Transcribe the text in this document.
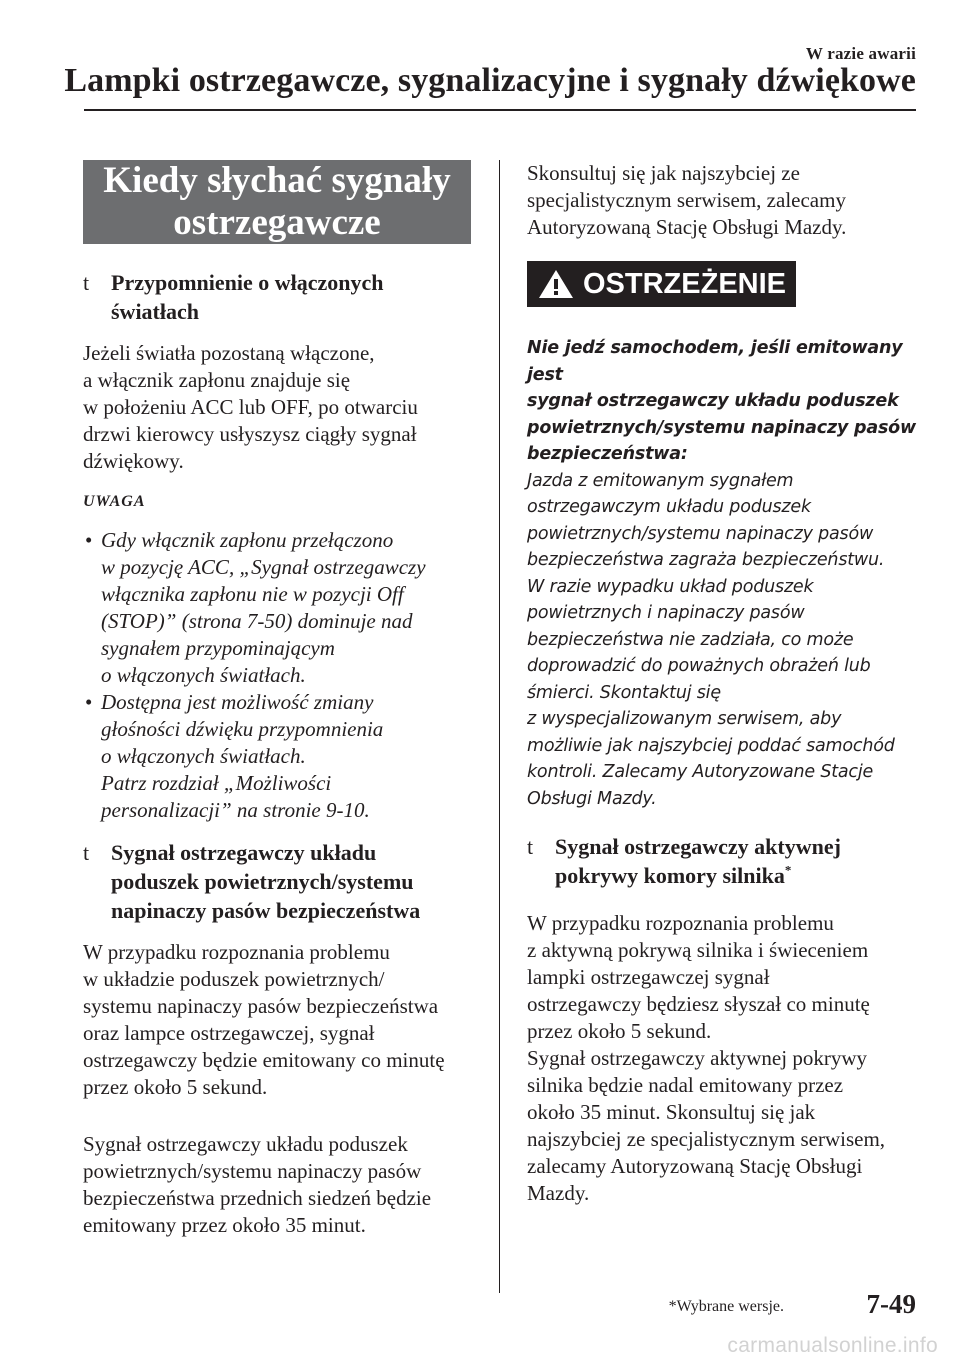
W razie awarii
Lampki ostrzegawcze, sygnalizacyjne i sygnały dźwiękowe
Kiedy słychać sygnały
ostrzegawcze
t Przypomnienie o włączonych
światłach
Jeżeli światła pozostaną włączone,
a włącznik zapłonu znajduje się
w położeniu ACC lub OFF, po otwarciu
drzwi kierowcy usłyszysz ciągły sygnał
dźwiękowy.
UWAGA
• Gdy włącznik zapłonu przełączono
w pozycję ACC, „Sygnał ostrzegawczy
włącznika zapłonu nie w pozycji Off
(STOP)” (strona 7-50) dominuje nad
sygnałem przypominającym
o włączonych światłach.
• Dostępna jest możliwość zmiany
głośności dźwięku przypomnienia
o włączonych światłach.
Patrz rozdział „Możliwości
personalizacji” na stronie 9-10.
t Sygnał ostrzegawczy układu
poduszek powietrznych/systemu
napinaczy pasów bezpieczeństwa
W przypadku rozpoznania problemu
w układzie poduszek powietrznych/
systemu napinaczy pasów bezpieczeństwa
oraz lampce ostrzegawczej, sygnał
ostrzegawczy będzie emitowany co minutę
przez około 5 sekund.
Sygnał ostrzegawczy układu poduszek
powietrznych/systemu napinaczy pasów
bezpieczeństwa przednich siedzeń będzie
emitowany przez około 35 minut.
Skonsultuj się jak najszybciej ze
specjalistycznym serwisem, zalecamy
Autoryzowaną Stację Obsługi Mazdy.
OSTRZEŻENIE
Nie jedź samochodem, jeśli emitowany jest
sygnał ostrzegawczy układu poduszek
powietrznych/systemu napinaczy pasów
bezpieczeństwa:
Jazda z emitowanym sygnałem
ostrzegawczym układu poduszek
powietrznych/systemu napinaczy pasów
bezpieczeństwa zagraża bezpieczeństwu.
W razie wypadku układ poduszek
powietrznych i napinaczy pasów
bezpieczeństwa nie zadziała, co może
doprowadzić do poważnych obrażeń lub
śmierci. Skontaktuj się
z wyspecjalizowanym serwisem, aby
możliwie jak najszybciej poddać samochód
kontroli. Zalecamy Autoryzowane Stacje
Obsługi Mazdy.
t Sygnał ostrzegawczy aktywnej
pokrywy komory silnika*
W przypadku rozpoznania problemu
z aktywną pokrywą silnika i świeceniem
lampki ostrzegawczej sygnał
ostrzegawczy będziesz słyszał co minutę
przez około 5 sekund.
Sygnał ostrzegawczy aktywnej pokrywy
silnika będzie nadal emitowany przez
około 35 minut. Skonsultuj się jak
najszybciej ze specjalistycznym serwisem,
zalecamy Autoryzowaną Stację Obsługi
Mazdy.
*Wybrane wersje.	7-49
carmanualsonline.info
